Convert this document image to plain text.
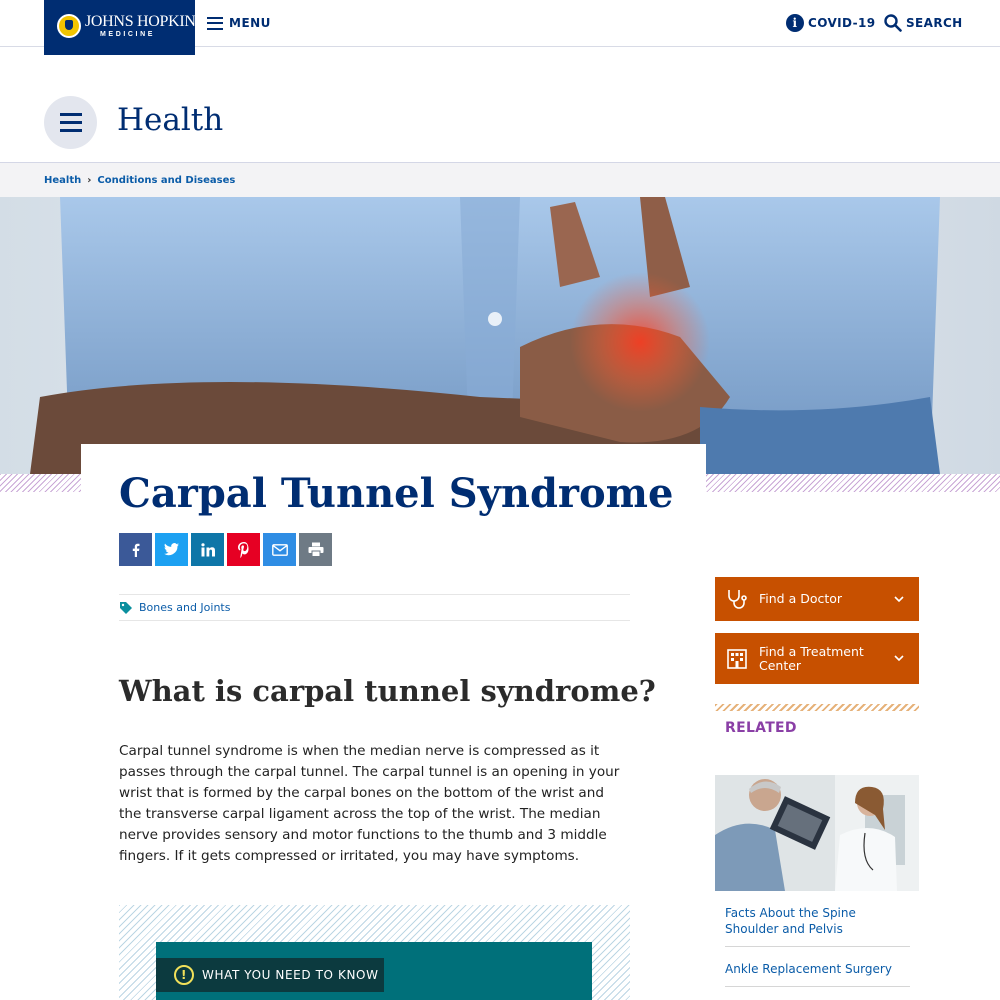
JOHNS HOPKINS
MEDICINE
MENU	i COVID-19	SEARCH
Health
Health › Conditions and Diseases
Carpal Tunnel Syndrome
Bones and Joints
What is carpal tunnel syndrome?

Carpal tunnel syndrome is when the median nerve is compressed as it passes through the carpal tunnel. The carpal tunnel is an opening in your wrist that is formed by the carpal bones on the bottom of the wrist and the transverse carpal ligament across the top of the wrist. The median nerve provides sensory and motor functions to the thumb and 3 middle fingers. If it gets compressed or irritated, you may have symptoms.

!	WHAT YOU NEED TO KNOW
Find a Doctor
Find a Treatment Center
RELATED
Facts About the Spine Shoulder and Pelvis
Ankle Replacement Surgery
